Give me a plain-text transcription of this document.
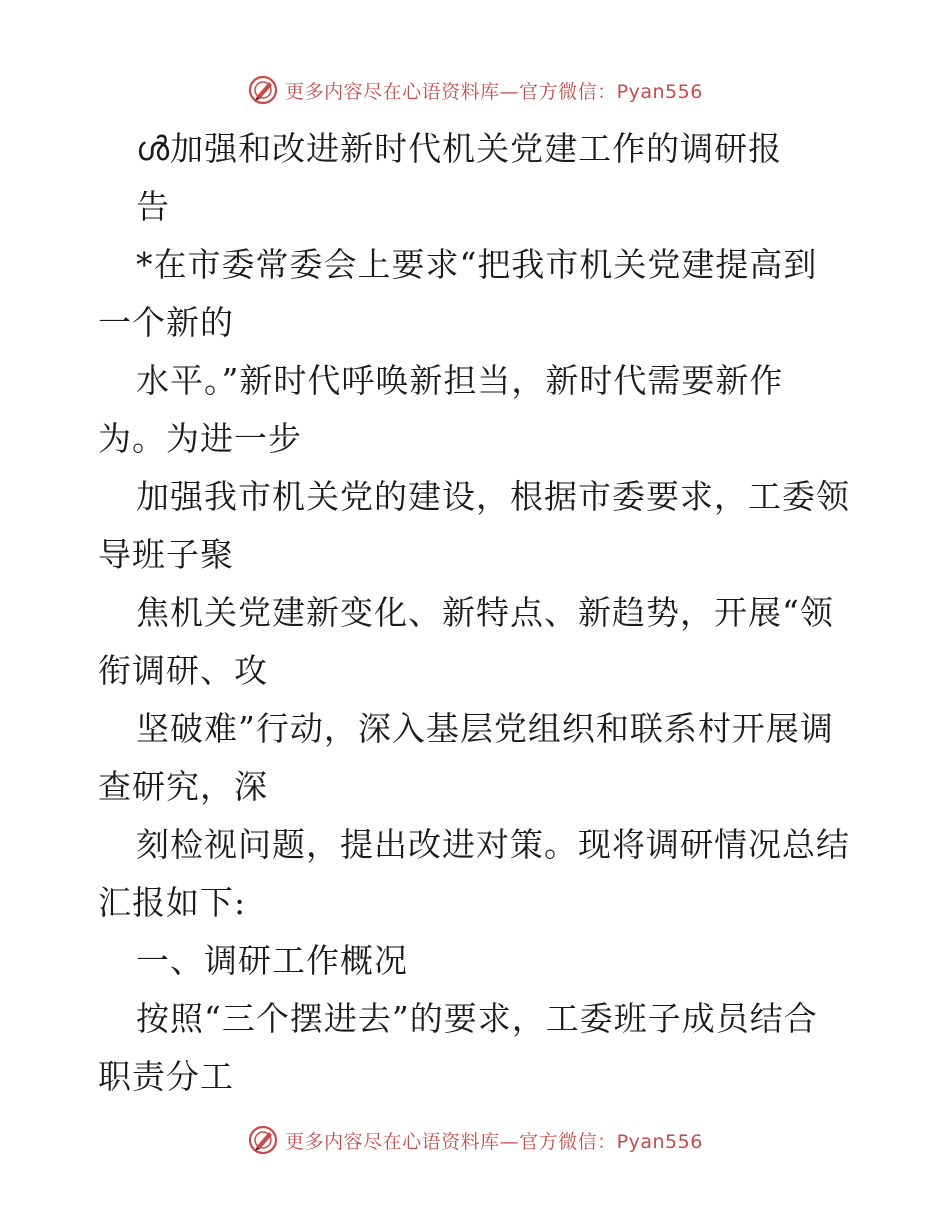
更多内容尽在心语资料库—官方微信：Pyan556
ൾ加强和改进新时代机关党建工作的调研报
告
*在市委常委会上要求“把我市机关党建提高到
一个新的
水平。”新时代呼唤新担当，新时代需要新作
为。为进一步
加强我市机关党的建设，根据市委要求，工委领
导班子聚
焦机关党建新变化、新特点、新趋势，开展“领
衔调研、攻
坚破难”行动，深入基层党组织和联系村开展调
查研究，深
刻检视问题，提出改进对策。现将调研情况总结
汇报如下:
一、调研工作概况
按照“三个摆进去”的要求，工委班子成员结合
职责分工
更多内容尽在心语资料库—官方微信：Pyan556
